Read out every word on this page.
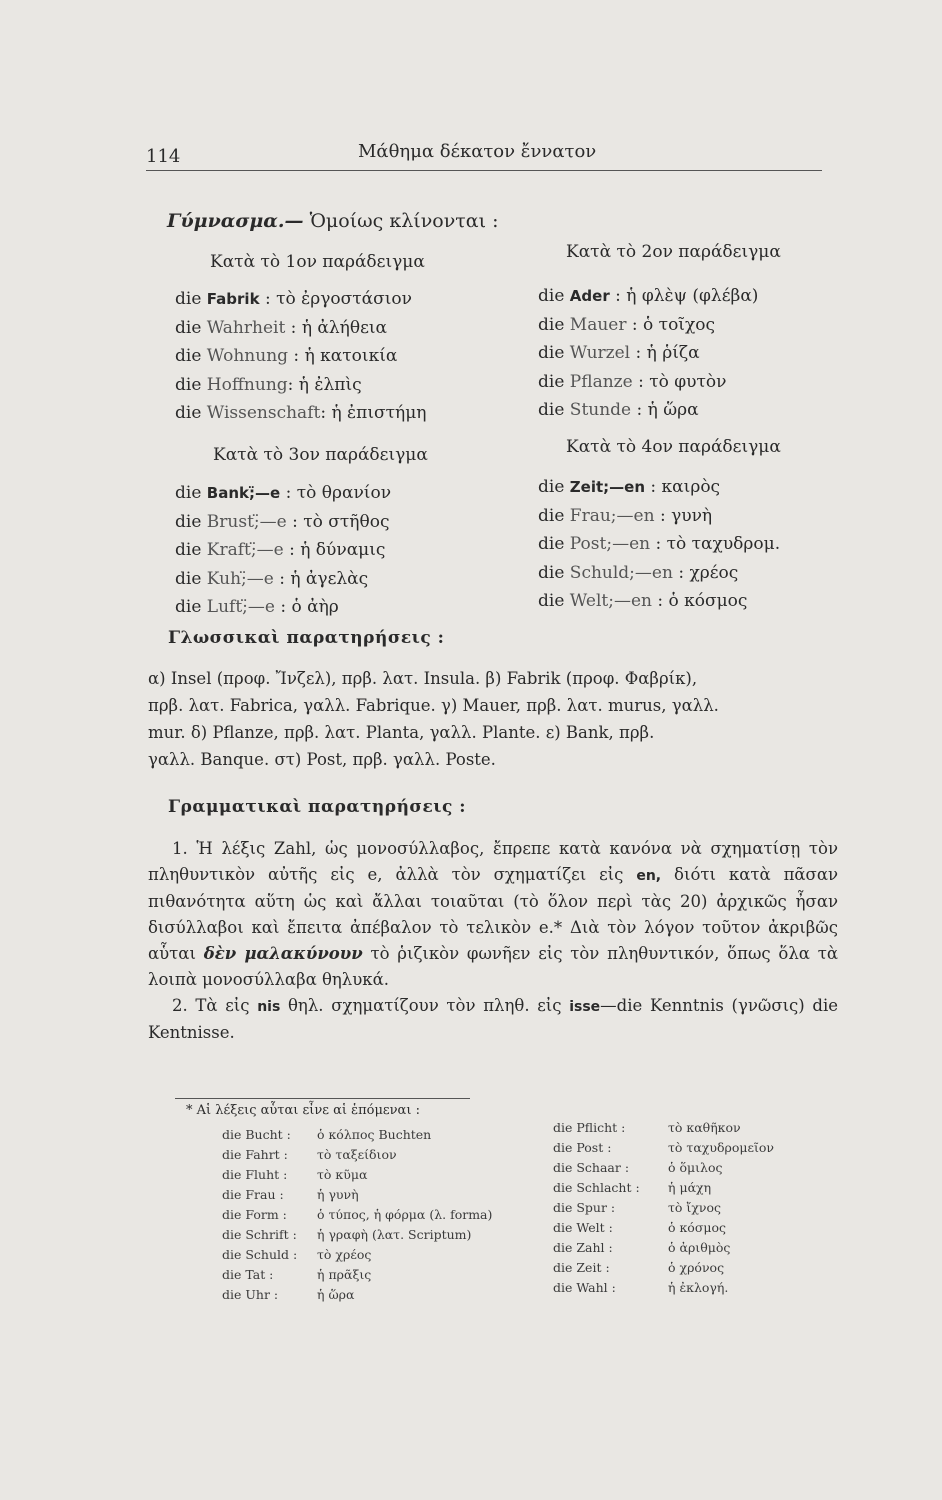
114	Μάθημα δέκατον ἔννατον
Γύμνασμα.— Ὁμοίως κλίνονται :
Κατὰ τὸ 1ον παράδειγμα
die Fabrik : τὸ ἐργοστάσιον
die Wahrheit : ἡ ἀλήθεια
die Wohnung : ἡ κατοικία
die Hoffnung: ἡ ἐλπὶς
die Wissenschaft: ἡ ἐπιστήμη
Κατὰ τὸ 2ον παράδειγμα
die Ader : ἡ φλὲψ (φλέβα)
die Mauer : ὁ τοῖχος
die Wurzel : ἡ ῥίζα
die Pflanze : τὸ φυτὸν
die Stunde : ἡ ὥρα
Κατὰ τὸ 3ον παράδειγμα
die Bank;̈—e : τὸ θρανίον
die Brust;̈—e : τὸ στῆθος
die Kraft;̈—e : ἡ δύναμις
die Kuh;̈—e : ἡ ἀγελὰς
die Luft;̈—e : ὁ ἀὴρ
Κατὰ τὸ 4ον παράδειγμα
die Zeit;—en : καιρὸς
die Frau;—en : γυνὴ
die Post;—en : τὸ ταχυδρομ.
die Schuld;—en : χρέος
die Welt;—en : ὁ κόσμος
Γλωσσικαὶ παρατηρήσεις :

α) Insel (προφ. Ἴνζελ), πρβ. λατ. Insula. β) Fabrik (προφ. Φαβρίκ),

πρβ. λατ. Fabrica, γαλλ. Fabrique. γ) Mauer, πρβ. λατ. murus, γαλλ.

mur. δ) Pflanze, πρβ. λατ. Planta, γαλλ. Plante. ε) Bank, πρβ.

γαλλ. Banque. στ) Post, πρβ. γαλλ. Poste.

Γραμματικαὶ παρατηρήσεις :

1. Ἡ λέξις Zahl, ὡς μονοσύλλαβος, ἔπρεπε κατὰ κανόνα νὰ σχηματίσῃ τὸν πληθυντικὸν αὐτῆς εἰς e, ἀλλὰ τὸν σχηματίζει εἰς en, διότι κατὰ πᾶσαν πιθανότητα αὕτη ὡς καὶ ἄλλαι τοιαῦται (τὸ ὅλον περὶ τὰς 20) ἀρχικῶς ἦσαν δισύλλαβοι καὶ ἔπειτα ἀπέβαλον τὸ τελικὸν e.* Διὰ τὸν λόγον τοῦτον ἀκριβῶς αὗται δὲν μαλακύνουν τὸ ῥιζικὸν φωνῆεν εἰς τὸν πληθυντικόν, ὅπως ὅλα τὰ λοιπὰ μονοσύλλαβα θηλυκά.

2. Τὰ εἰς nis θηλ. σχηματίζουν τὸν πληθ. εἰς isse—die Kenntnis (γνῶσις) die Kentnisse.

* Αἱ λέξεις αὗται εἶνε αἱ ἑπόμεναι :
die Bucht : ὁ κόλπος Buchten
die Fahrt : τὸ ταξείδιον
die Fluht : τὸ κῦμα
die Frau :	ἡ γυνὴ
die Form : ὁ τύπος, ἡ φόρμα (λ. forma)
die Schrift : ἡ γραφὴ (λατ. Scriptum)
die Schuld : τὸ χρέος
die Tat :	ἡ πρᾶξις
die Uhr :	ἡ ὥρα
die Pflicht :	τὸ καθῆκον
die Post :	τὸ ταχυδρομεῖον
die Schaar :	ὁ ὅμιλος
die Schlacht : ἡ μάχη
die Spur :	τὸ ἴχνος
die Welt :	ὁ κόσμος
die Zahl :	ὁ ἀριθμὸς
die Zeit :	ὁ χρόνος
die Wahl :	ἡ ἐκλογή.
